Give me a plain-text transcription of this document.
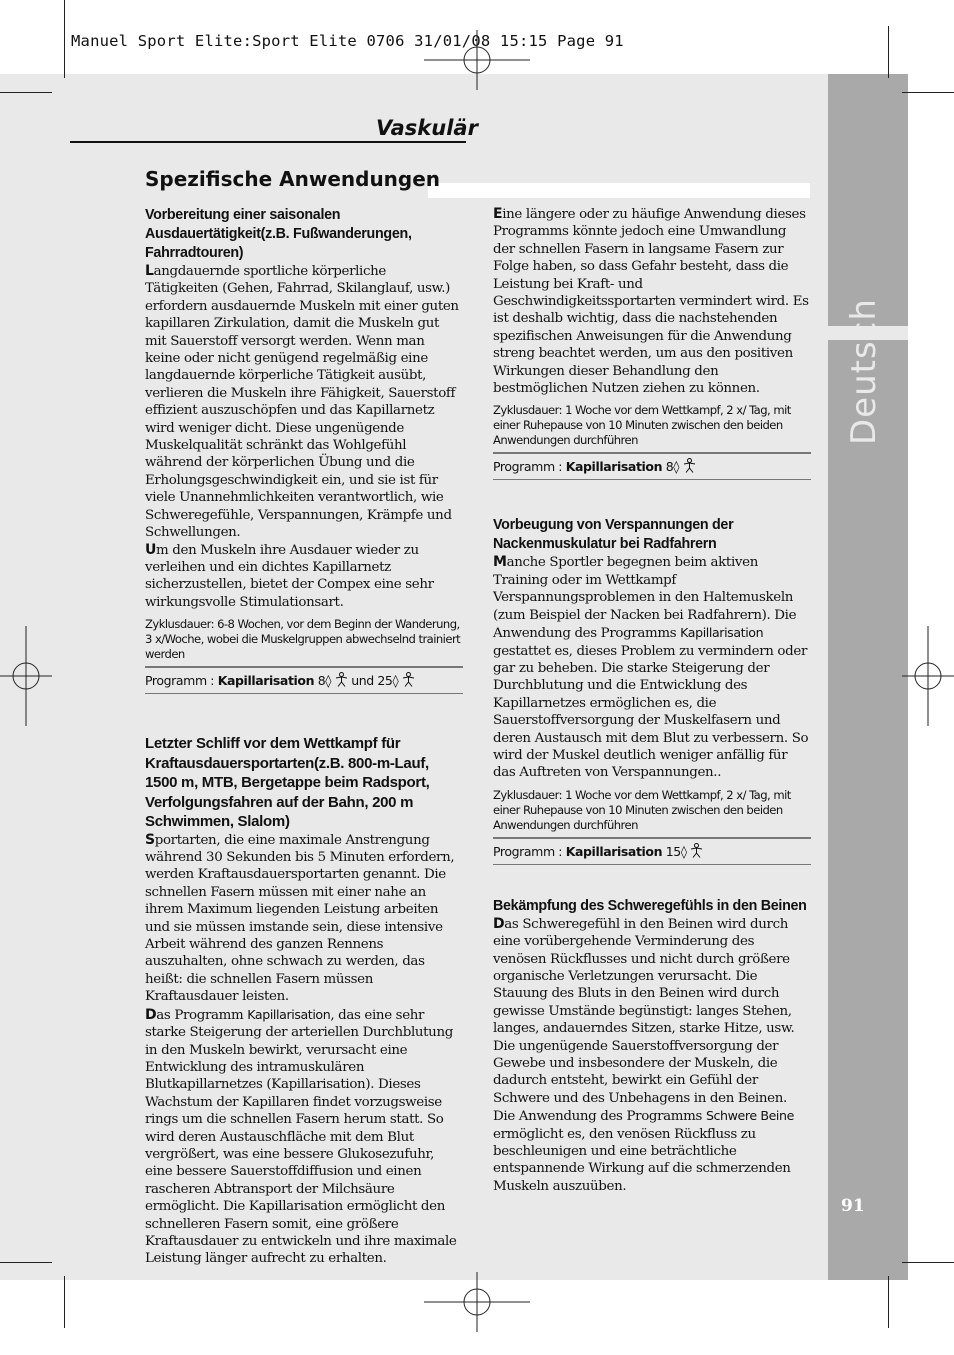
Deutsch
91
Manuel Sport Elite:Sport Elite 0706 31/01/08 15:15 Page 91
Vaskulär
Spezifische Anwendungen
Vorbereitung einer saisonalen Ausdauertätigkeit(z.B. Fußwanderungen, Fahrradtouren)

Langdauernde sportliche körperliche Tätigkeiten (Gehen, Fahrrad, Skilanglauf, usw.) erfordern ausdauernde Muskeln mit einer guten kapillaren Zirkulation, damit die Muskeln gut mit Sauerstoff versorgt werden. Wenn man keine oder nicht genügend regelmäßig eine langdauernde körperliche Tätigkeit ausübt, verlieren die Muskeln ihre Fähigkeit, Sauerstoff effizient auszuschöpfen und das Kapillarnetz wird weniger dicht. Diese ungenügende Muskelqualität schränkt das Wohlgefühl während der körperlichen Übung und die Erholungsgeschwindigkeit ein, und sie ist für viele Unannehmlichkeiten verantwortlich, wie Schweregefühle, Verspannungen, Krämpfe und Schwellungen.
Um den Muskeln ihre Ausdauer wieder zu verleihen und ein dichtes Kapillarnetz sicherzustellen, bietet der Compex eine sehr wirkungsvolle Stimulationsart.

Zyklusdauer: 6-8 Wochen, vor dem Beginn der Wanderung, 3 x/Woche, wobei die Muskelgruppen abwechselnd trainiert werden

Programm : Kapillarisation 8◊  und 25◊
Letzter Schliff vor dem Wettkampf für Kraftausdauersportarten(z.B. 800-m-Lauf, 1500 m, MTB, Bergetappe beim Radsport, Verfolgungsfahren auf der Bahn, 200 m Schwimmen, Slalom)

Sportarten, die eine maximale Anstrengung während 30 Sekunden bis 5 Minuten erfordern, werden Kraftausdauersportarten genannt. Die schnellen Fasern müssen mit einer nahe an ihrem Maximum liegenden Leistung arbeiten und sie müssen imstande sein, diese intensive Arbeit während des ganzen Rennens auszuhalten, ohne schwach zu werden, das heißt: die schnellen Fasern müssen Kraftausdauer leisten.
Das Programm Kapillarisation, das eine sehr starke Steigerung der arteriellen Durchblutung in den Muskeln bewirkt, verursacht eine Entwicklung des intramuskulären Blutkapillarnetzes (Kapillarisation). Dieses Wachstum der Kapillaren findet vorzugsweise rings um die schnellen Fasern herum statt. So wird deren Austauschfläche mit dem Blut vergrößert, was eine bessere Glukosezufuhr, eine bessere Sauerstoffdiffusion und einen rascheren Abtransport der Milchsäure ermöglicht. Die Kapillarisation ermöglicht den schnelleren Fasern somit, eine größere Kraftausdauer zu entwickeln und ihre maximale Leistung länger aufrecht zu erhalten.

Eine längere oder zu häufige Anwendung dieses Programms könnte jedoch eine Umwandlung der schnellen Fasern in langsame Fasern zur Folge haben, so dass Gefahr besteht, dass die Leistung bei Kraft- und Geschwindigkeitssportarten vermindert wird. Es ist deshalb wichtig, dass die nachstehenden spezifischen Anweisungen für die Anwendung streng beachtet werden, um aus den positiven Wirkungen dieser Behandlung den bestmöglichen Nutzen ziehen zu können.

Zyklusdauer: 1 Woche vor dem Wettkampf, 2 x/ Tag, mit einer Ruhepause von 10 Minuten zwischen den beiden Anwendungen durchführen

Programm : Kapillarisation 8◊
Vorbeugung von Verspannungen der Nackenmuskulatur bei Radfahrern

Manche Sportler begegnen beim aktiven Training oder im Wettkampf Verspannungsproblemen in den Haltemuskeln (zum Beispiel der Nacken bei Radfahrern). Die Anwendung des Programms Kapillarisation gestattet es, dieses Problem zu vermindern oder gar zu beheben. Die starke Steigerung der Durchblutung und die Entwicklung des Kapillarnetzes ermöglichen es, die Sauerstoffversorgung der Muskelfasern und deren Austausch mit dem Blut zu verbessern. So wird der Muskel deutlich weniger anfällig für das Auftreten von Verspannungen..

Zyklusdauer: 1 Woche vor dem Wettkampf, 2 x/ Tag, mit einer Ruhepause von 10 Minuten zwischen den beiden Anwendungen durchführen

Programm : Kapillarisation 15◊
Bekämpfung des Schweregefühls in den Beinen

Das Schweregefühl in den Beinen wird durch eine vorübergehende Verminderung des venösen Rückflusses und nicht durch größere organische Verletzungen verursacht. Die Stauung des Bluts in den Beinen wird durch gewisse Umstände begünstigt: langes Stehen, langes, andauerndes Sitzen, starke Hitze, usw. Die ungenügende Sauerstoffversorgung der Gewebe und insbesondere der Muskeln, die dadurch entsteht, bewirkt ein Gefühl der Schwere und des Unbehagens in den Beinen. Die Anwendung des Programms Schwere Beine ermöglicht es, den venösen Rückfluss zu beschleunigen und eine beträchtliche entspannende Wirkung auf die schmerzenden Muskeln auszuüben.
